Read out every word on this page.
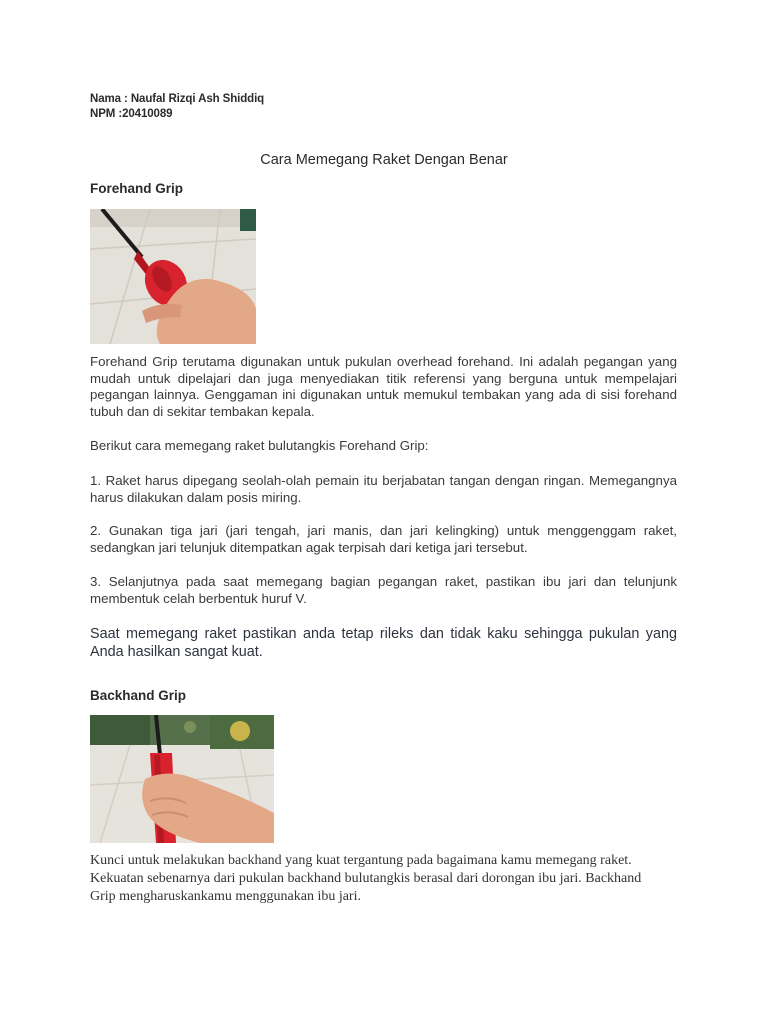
Nama : Naufal Rizqi Ash Shiddiq
NPM :20410089
Cara Memegang Raket Dengan Benar
Forehand Grip

Forehand Grip terutama digunakan untuk pukulan overhead forehand. Ini adalah pegangan yang mudah untuk dipelajari dan juga menyediakan titik referensi yang berguna untuk mempelajari pegangan lainnya. Genggaman ini digunakan untuk memukul tembakan yang ada di sisi forehand tubuh dan di sekitar tembakan kepala.

Berikut cara memegang raket bulutangkis Forehand Grip:

1. Raket harus dipegang seolah-olah pemain itu berjabatan tangan dengan ringan. Memegangnya harus dilakukan dalam posis miring.

2. Gunakan tiga jari (jari tengah, jari manis, dan jari kelingking) untuk menggenggam raket, sedangkan jari telunjuk ditempatkan agak terpisah dari ketiga jari tersebut.

3. Selanjutnya pada saat memegang bagian pegangan raket, pastikan ibu jari dan telunjunk membentuk celah berbentuk huruf V.

Saat memegang raket pastikan anda tetap rileks dan tidak kaku sehingga pukulan yang Anda hasilkan sangat kuat.

Backhand Grip

Kunci untuk melakukan backhand yang kuat tergantung pada bagaimana kamu memegang raket. Kekuatan sebenarnya dari pukulan backhand bulutangkis berasal dari dorongan ibu jari. Backhand Grip mengharuskankamu menggunakan ibu jari.
